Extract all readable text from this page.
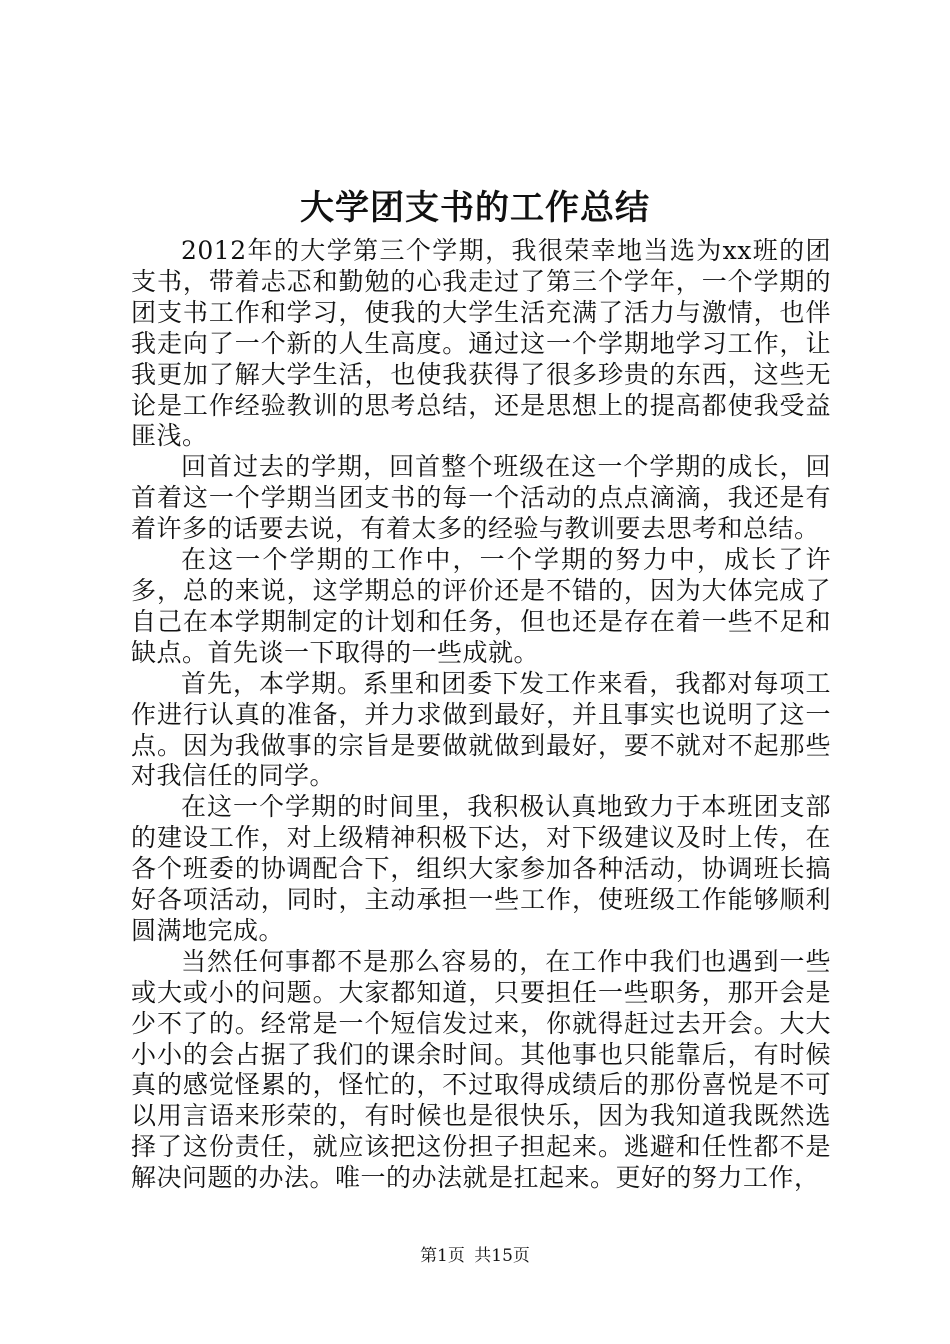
大学团支书的工作总结

2012年的大学第三个学期，我很荣幸地当选为xx班的团支书，带着忐忑和勤勉的心我走过了第三个学年，一个学期的团支书工作和学习，使我的大学生活充满了活力与激情，也伴我走向了一个新的人生高度。通过这一个学期地学习工作，让我更加了解大学生活，也使我获得了很多珍贵的东西，这些无论是工作经验教训的思考总结，还是思想上的提高都使我受益匪浅。

回首过去的学期，回首整个班级在这一个学期的成长，回首着这一个学期当团支书的每一个活动的点点滴滴，我还是有着许多的话要去说，有着太多的经验与教训要去思考和总结。

在这一个学期的工作中，一个学期的努力中，成长了许多，总的来说，这学期总的评价还是不错的，因为大体完成了自己在本学期制定的计划和任务，但也还是存在着一些不足和缺点。首先谈一下取得的一些成就。

首先，本学期。系里和团委下发工作来看，我都对每项工作进行认真的准备，并力求做到最好，并且事实也说明了这一点。因为我做事的宗旨是要做就做到最好，要不就对不起那些对我信任的同学。

在这一个学期的时间里，我积极认真地致力于本班团支部的建设工作，对上级精神积极下达，对下级建议及时上传，在各个班委的协调配合下，组织大家参加各种活动，协调班长搞好各项活动，同时，主动承担一些工作，使班级工作能够顺利圆满地完成。

当然任何事都不是那么容易的，在工作中我们也遇到一些或大或小的问题。大家都知道，只要担任一些职务，那开会是少不了的。经常是一个短信发过来，你就得赶过去开会。大大小小的会占据了我们的课余时间。其他事也只能靠后，有时候真的感觉怪累的，怪忙的，不过取得成绩后的那份喜悦是不可以用言语来形荣的，有时候也是很快乐，因为我知道我既然选择了这份责任，就应该把这份担子担起来。逃避和任性都不是解决问题的办法。唯一的办法就是扛起来。更好的努力工作，

第1页 共15页
